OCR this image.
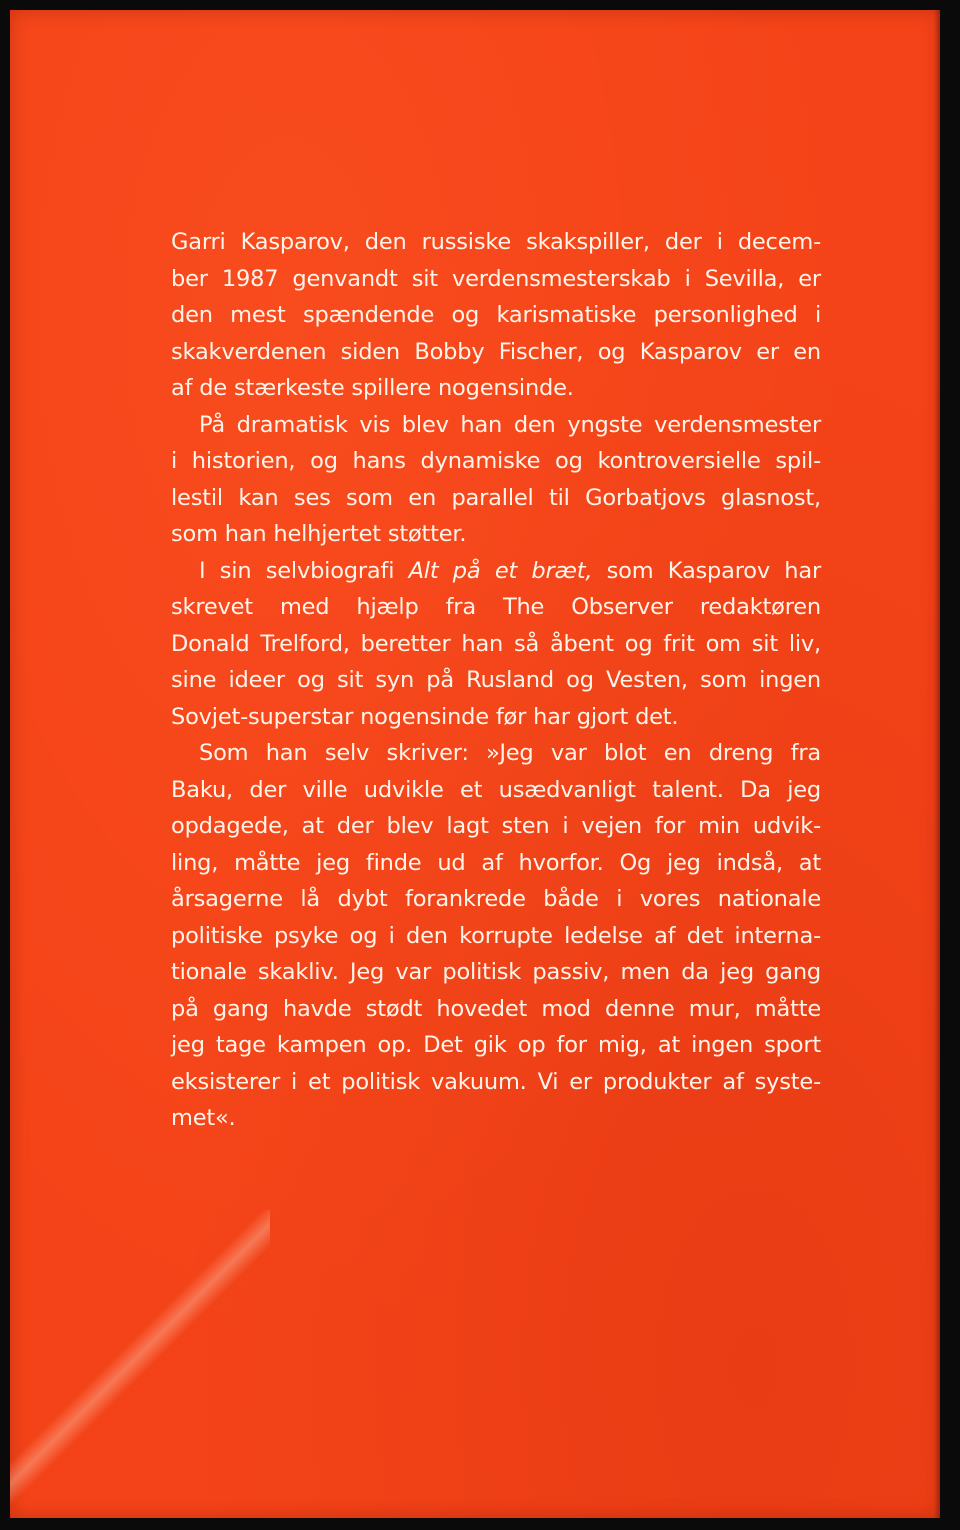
Garri Kasparov, den russiske skakspiller, der i decem-
ber 1987 genvandt sit verdensmesterskab i Sevilla, er
den mest spændende og karismatiske personlighed i
skakverdenen siden Bobby Fischer, og Kasparov er en
af de stærkeste spillere nogensinde.

På dramatisk vis blev han den yngste verdensmester
i historien, og hans dynamiske og kontroversielle spil-
lestil kan ses som en parallel til Gorbatjovs glasnost,
som han helhjertet støtter.

I sin selvbiografi Alt på et bræt, som Kasparov har
skrevet med hjælp fra The Observer redaktøren
Donald Trelford, beretter han så åbent og frit om sit liv,
sine ideer og sit syn på Rusland og Vesten, som ingen
Sovjet-superstar nogensinde før har gjort det.

Som han selv skriver: »Jeg var blot en dreng fra
Baku, der ville udvikle et usædvanligt talent. Da jeg
opdagede, at der blev lagt sten i vejen for min udvik-
ling, måtte jeg finde ud af hvorfor. Og jeg indså, at
årsagerne lå dybt forankrede både i vores nationale
politiske psyke og i den korrupte ledelse af det interna-
tionale skakliv. Jeg var politisk passiv, men da jeg gang
på gang havde stødt hovedet mod denne mur, måtte
jeg tage kampen op. Det gik op for mig, at ingen sport
eksisterer i et politisk vakuum. Vi er produkter af syste-
met«.
